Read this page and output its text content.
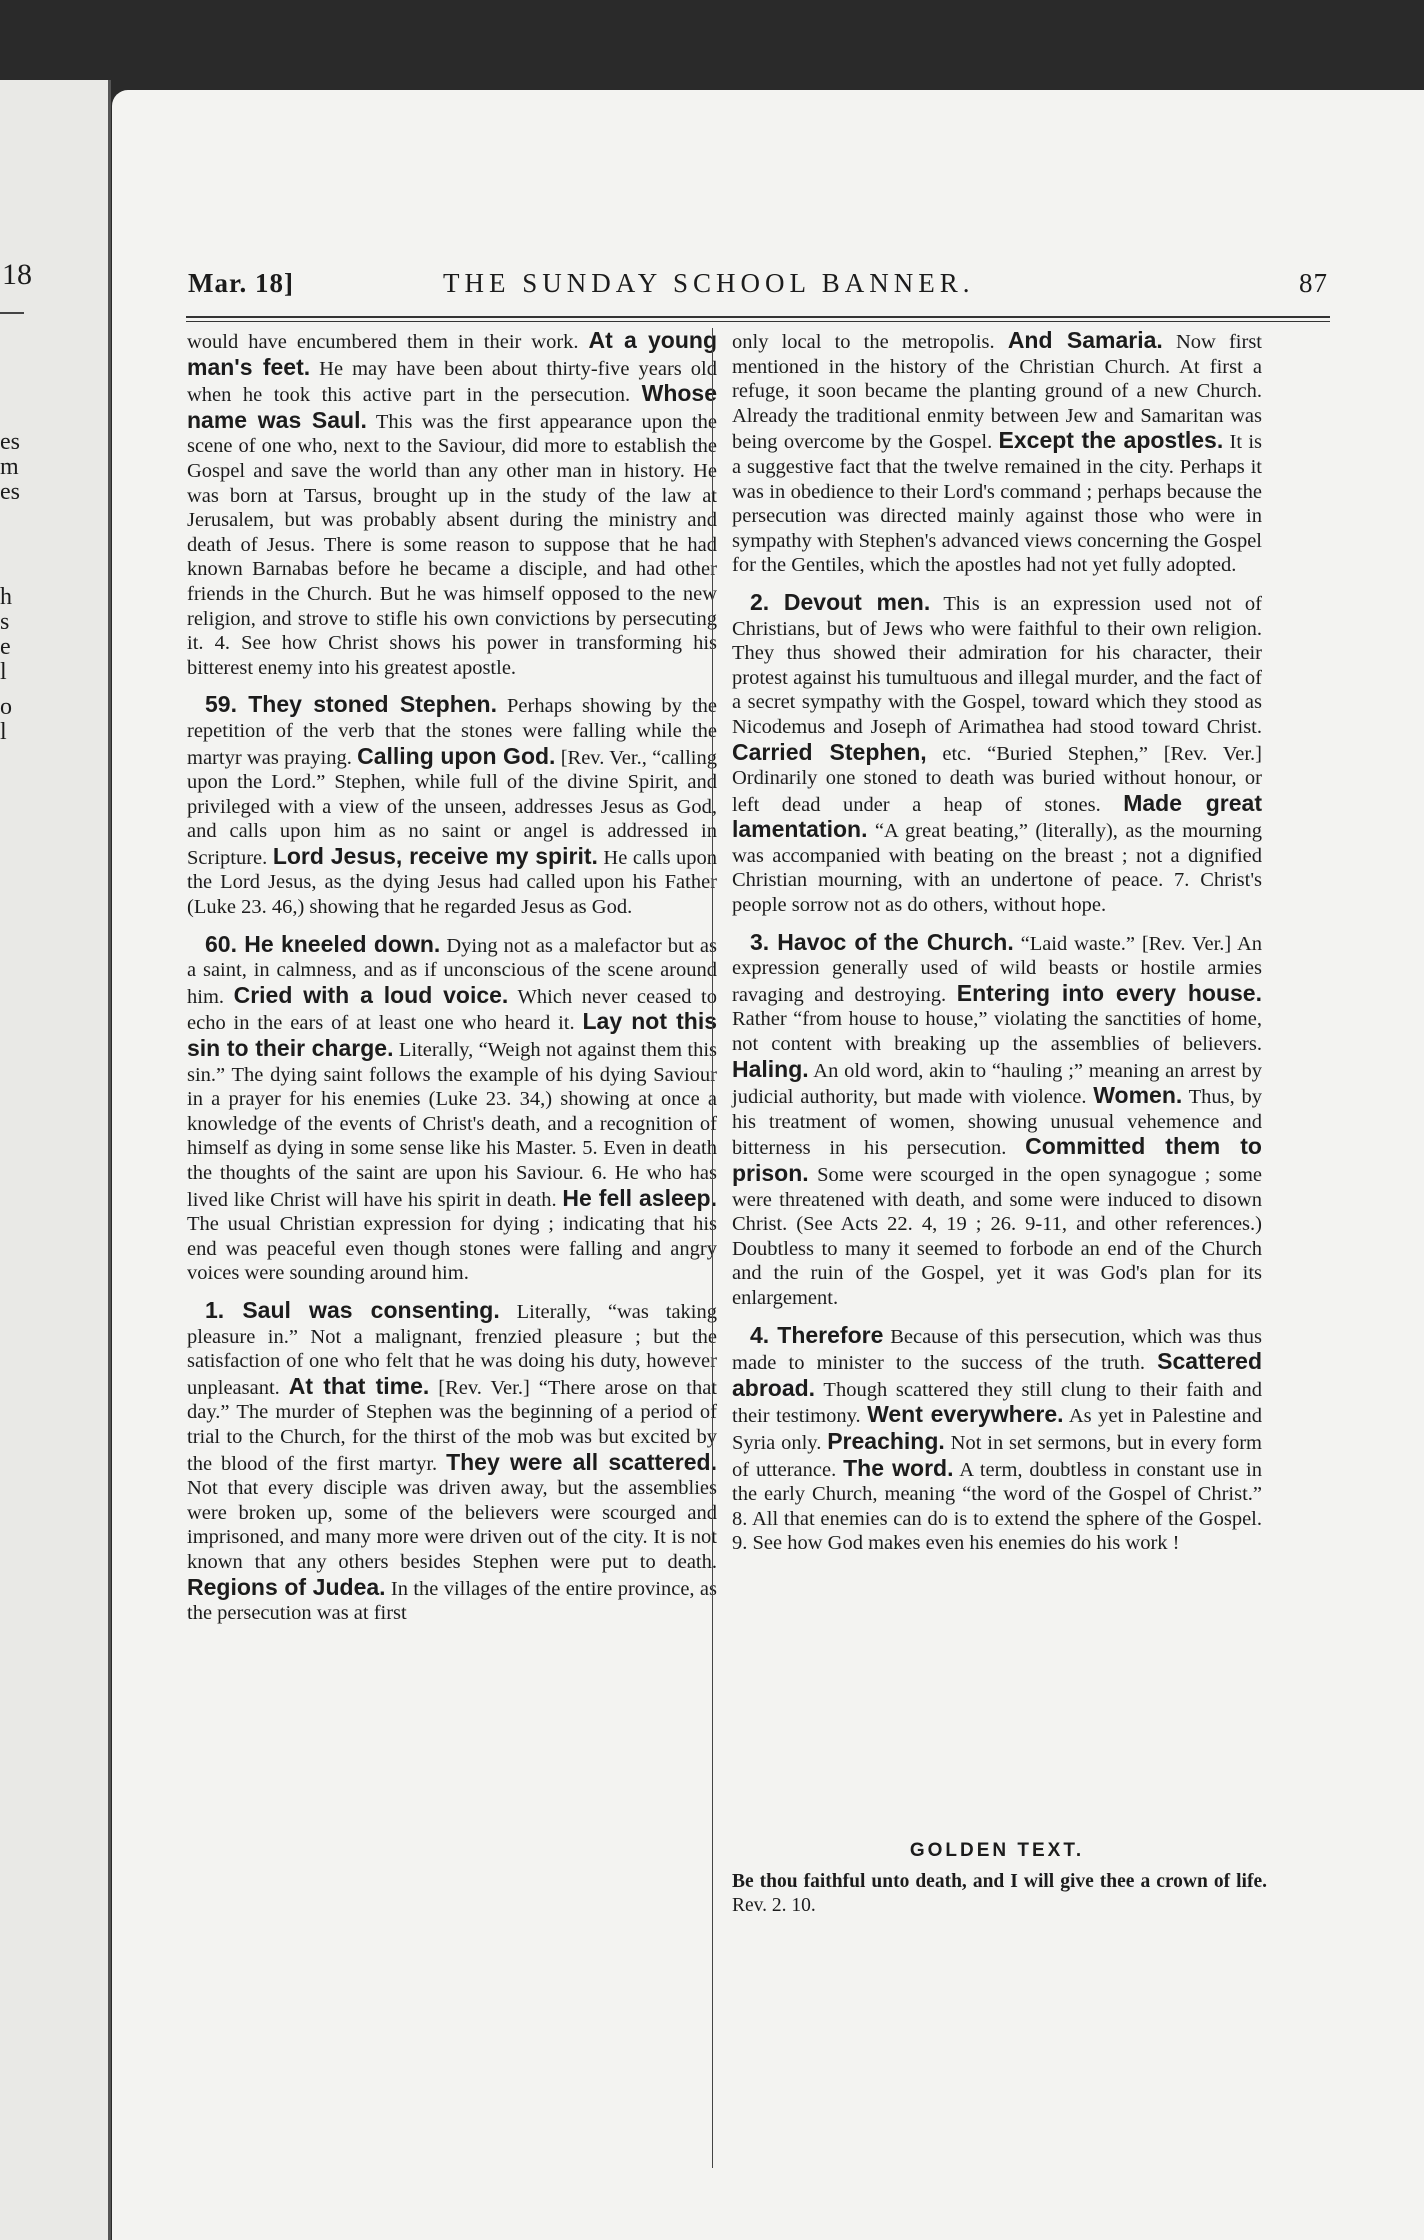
18
es
m
es
h
s
e
l
o
l
Mar. 18]	THE SUNDAY SCHOOL BANNER.	87

would have encumbered them in their work. At a young man's feet. He may have been about thirty-five years old when he took this active part in the persecution. Whose name was Saul. This was the first appearance upon the scene of one who, next to the Saviour, did more to establish the Gospel and save the world than any other man in history. He was born at Tarsus, brought up in the study of the law at Jerusalem, but was probably absent during the ministry and death of Jesus. There is some reason to suppose that he had known Barnabas before he became a disciple, and had other friends in the Church. But he was himself opposed to the new religion, and strove to stifle his own convictions by persecuting it. 4. See how Christ shows his power in transforming his bitterest enemy into his greatest apostle.

59. They stoned Stephen. Perhaps showing by the repetition of the verb that the stones were falling while the martyr was praying. Calling upon God. [Rev. Ver., “calling upon the Lord.” Stephen, while full of the divine Spirit, and privileged with a view of the unseen, addresses Jesus as God, and calls upon him as no saint or angel is addressed in Scripture. Lord Jesus, receive my spirit. He calls upon the Lord Jesus, as the dying Jesus had called upon his Father (Luke 23. 46,) showing that he regarded Jesus as God.

60. He kneeled down. Dying not as a malefactor but as a saint, in calmness, and as if unconscious of the scene around him. Cried with a loud voice. Which never ceased to echo in the ears of at least one who heard it. Lay not this sin to their charge. Literally, “Weigh not against them this sin.” The dying saint follows the example of his dying Saviour in a prayer for his enemies (Luke 23. 34,) showing at once a knowledge of the events of Christ's death, and a recognition of himself as dying in some sense like his Master. 5. Even in death the thoughts of the saint are upon his Saviour. 6. He who has lived like Christ will have his spirit in death. He fell asleep. The usual Christian expression for dying ; indicating that his end was peaceful even though stones were falling and angry voices were sounding around him.

1. Saul was consenting. Literally, “was taking pleasure in.” Not a malignant, frenzied pleasure ; but the satisfaction of one who felt that he was doing his duty, however unpleasant. At that time. [Rev. Ver.] “There arose on that day.” The murder of Stephen was the beginning of a period of trial to the Church, for the thirst of the mob was but excited by the blood of the first martyr. They were all scattered. Not that every disciple was driven away, but the assemblies were broken up, some of the believers were scourged and imprisoned, and many more were driven out of the city. It is not known that any others besides Stephen were put to death. Regions of Judea. In the villages of the entire province, as the persecution was at first

only local to the metropolis. And Samaria. Now first mentioned in the history of the Christian Church. At first a refuge, it soon became the planting ground of a new Church. Already the traditional enmity between Jew and Samaritan was being overcome by the Gospel. Except the apostles. It is a suggestive fact that the twelve remained in the city. Perhaps it was in obedience to their Lord's command ; perhaps because the persecution was directed mainly against those who were in sympathy with Stephen's advanced views concerning the Gospel for the Gentiles, which the apostles had not yet fully adopted.

2. Devout men. This is an expression used not of Christians, but of Jews who were faithful to their own religion. They thus showed their admiration for his character, their protest against his tumultuous and illegal murder, and the fact of a secret sympathy with the Gospel, toward which they stood as Nicodemus and Joseph of Arimathea had stood toward Christ. Carried Stephen, etc. “Buried Stephen,” [Rev. Ver.] Ordinarily one stoned to death was buried without honour, or left dead under a heap of stones. Made great lamentation. “A great beating,” (literally), as the mourning was accompanied with beating on the breast ; not a dignified Christian mourning, with an undertone of peace. 7. Christ's people sorrow not as do others, without hope.

3. Havoc of the Church. “Laid waste.” [Rev. Ver.] An expression generally used of wild beasts or hostile armies ravaging and destroying. Entering into every house. Rather “from house to house,” violating the sanctities of home, not content with breaking up the assemblies of believers. Haling. An old word, akin to “hauling ;” meaning an arrest by judicial authority, but made with violence. Women. Thus, by his treatment of women, showing unusual vehemence and bitterness in his persecution. Committed them to prison. Some were scourged in the open synagogue ; some were threatened with death, and some were induced to disown Christ. (See Acts 22. 4, 19 ; 26. 9-11, and other references.) Doubtless to many it seemed to forbode an end of the Church and the ruin of the Gospel, yet it was God's plan for its enlargement.

4. Therefore Because of this persecution, which was thus made to minister to the success of the truth. Scattered abroad. Though scattered they still clung to their faith and their testimony. Went everywhere. As yet in Palestine and Syria only. Preaching. Not in set sermons, but in every form of utterance. The word. A term, doubtless in constant use in the early Church, meaning “the word of the Gospel of Christ.” 8. All that enemies can do is to extend the sphere of the Gospel. 9. See how God makes even his enemies do his work !

GOLDEN TEXT.
Be thou faithful unto death, and I will give thee a crown of life. Rev. 2. 10.
